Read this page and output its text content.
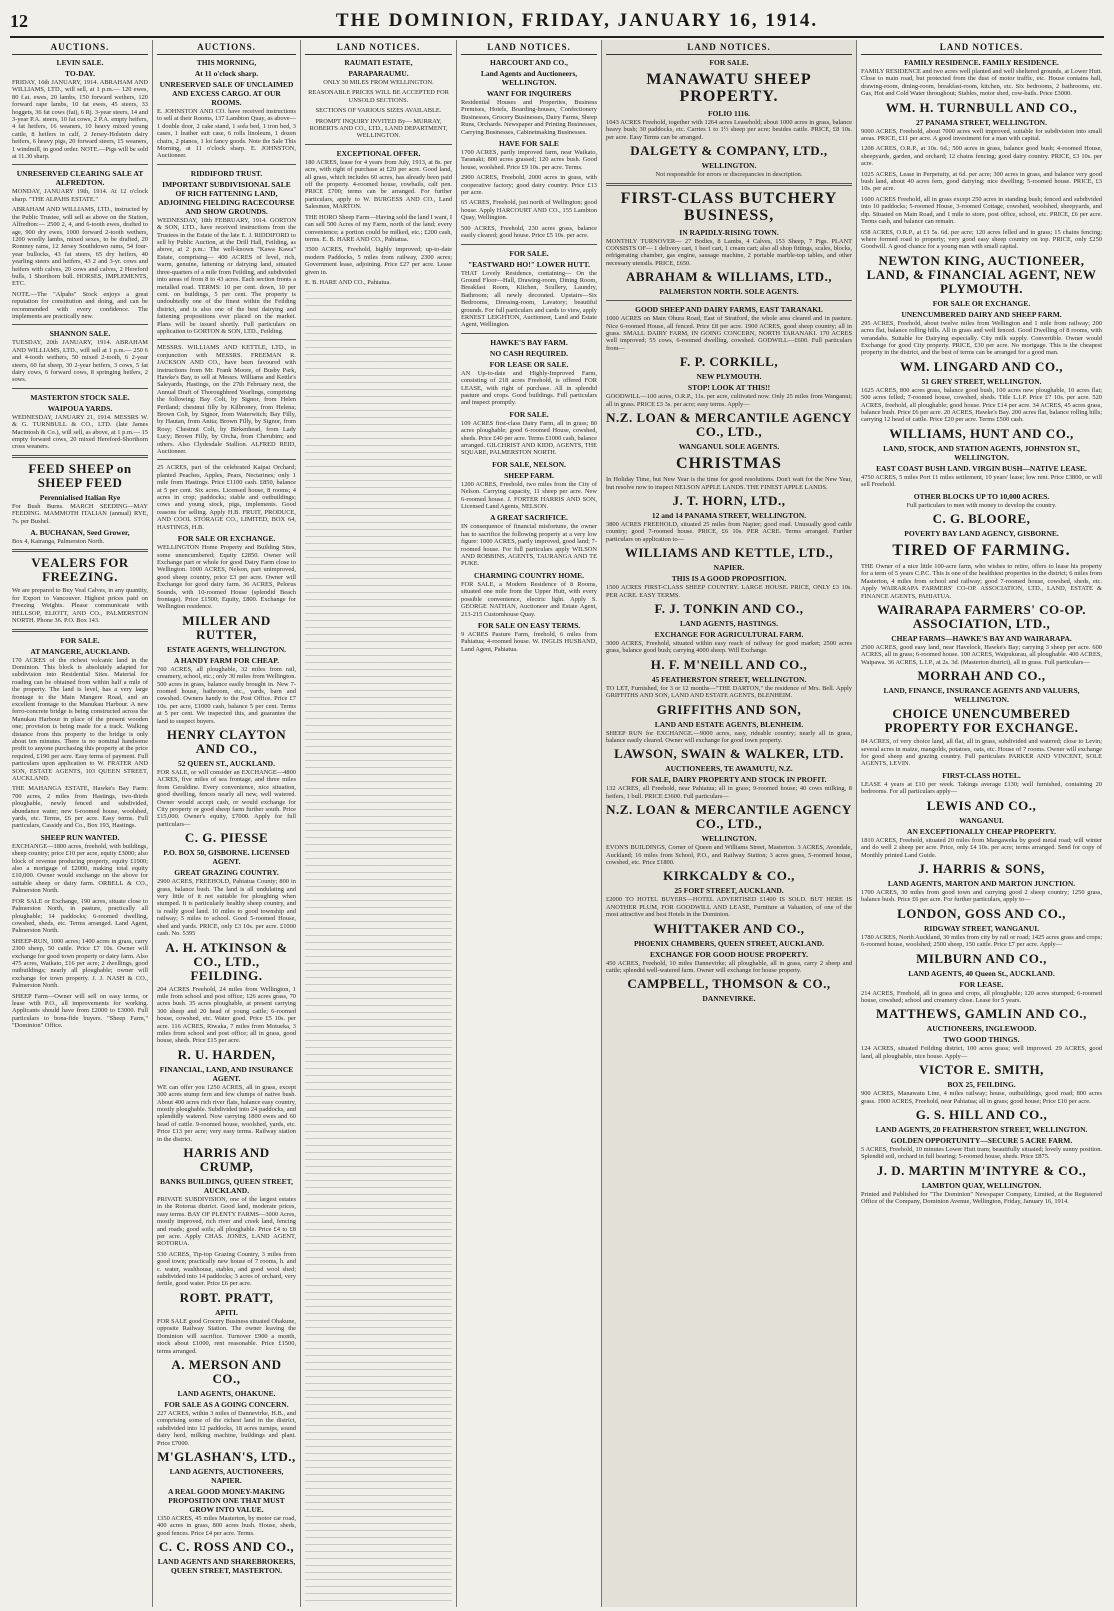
12	THE DOMINION, FRIDAY, JANUARY 16, 1914.
AUCTIONS.
LEVIN SALE.
TO-DAY.
FRIDAY, 16th JANUARY, 1914. ABRAHAM AND WILLIAMS, LTD., will sell, at 1 p.m.— 120 ewes, 80 f.at. ewes, 20 lambs, 150 forward wethers, 120 forward rape lambs, 10 fat ewes, 45 steers, 33 hoggets, 36 fat cows (fat), 6 Rj. 3-year steers, 14 and 3-year P.A. steers, 10 fat cows, 2 P.A. empty heifers, 4 fat heifers, 16 weaners, 10 heavy mixed young cattle, 8 heifers in calf, 2 Jersey-Holstein dairy heifers, 6 heavy pigs, 20 forward steers, 15 weaners, 1 windmill, in good order. NOTE.—Pigs will be sold at 11.30 sharp.
UNRESERVED CLEARING SALE AT ALFREDTON.
MONDAY, JANUARY 19th, 1914. At 12 o'clock sharp. "THE ALPAHS ESTATE."
ABRAHAM AND WILLIAMS, LTD., instructed by the Public Trustee, will sell as above on the Station, Alfredton:— 2500 2, 4, and 6-tooth ewes, drafted to age, 900 dry ewes, 1000 forward 2-tooth wethers, 1200 woolly lambs, mixed sexes, to be drafted, 20 Romney rams, 12 Jersey Southdown rams, 54 four-year bullocks, 43 fat steers, 65 dry heifers, 40 yearling steers and heifers, 43 2 and 3-yr. cows and heifers with calves, 20 cows and calves, 2 Hereford bulls, 1 Shorthorn bull. HORSES, IMPLEMENTS, ETC.
NOTE.—The "Alpahs" Stock enjoys a great reputation for constitution and doing, and can be recommended with every confidence. The implements are practically new.
SHANNON SALE.
TUESDAY, 20th JANUARY, 1914. ABRAHAM AND WILLIAMS, LTD., will sell at 1 p.m.— 250 6 and 4-tooth wethers, 50 mixed 2-tooth, 6 2-year steers, 60 fat sheep, 30 2-year heifers, 3 cows, 5 fat dairy cows, 6 forward cows, 8 springing heifers, 2 sows.
MASTERTON STOCK SALE.
WAIPOUA YARDS.
WEDNESDAY, JANUARY 21, 1914. MESSRS W. & G. TURNBULL & CO., LTD. (late James Macintosh & Co.), will sell, as above, at 1 p.m.— 15 empty forward cows, 20 mixed Hereford-Shorthorn cross weaners.
FEED SHEEP on SHEEP FEED
Perennialised Italian Rye
For Bush Burns. MARCH SEEDING—MAY FEEDING. MAMMOTH ITALIAN (annual) RYE, 7s. per Bushel.
A. BUCHANAN, Seed Grower,
Box 4, Kairanga, Palmerston North.
VEALERS FOR FREEZING.
We are prepared to Buy Veal Calves, in any quantity, for Export to Vancouver. Highest prices paid on Freezing Weights. Please communicate with HELLSOP, ELIOTT, AND CO., PALMERSTON NORTH. Phone 36. P.O. Box 143.
FOR SALE.
AT MANGERE, AUCKLAND.
170 ACRES of the richest volcanic land in the Dominion. This block is absolutely adapted for subdivision into Residential Sites. Material for roading can be obtained from within half a mile of the property. The land is level, has a very large frontage to the Main Mangere Road, and an excellent frontage to the Manukau Harbour. A new ferro-concrete bridge is being constructed across the Manukau Harbour in place of the present wooden one; provision is being made for a track. Walking distance from this property to the bridge is only about ten minutes. There is no nominal handsome profit to anyone purchasing this property at the price required, £190 per acre. Easy terms of payment. Full particulars upon application to W. FRATER AND SON, ESTATE AGENTS, 103 QUEEN STREET, AUCKLAND.
THE MAHANGA ESTATE, Hawke's Bay Farm: 700 acres, 2 miles from Hastings, two-thirds ploughable, newly fenced and subdivided, abundance water; new 6-roomed house, woolshed, yards, etc. Terms, £6 per acre. Easy terms. Full particulars, Cassidy and Co., Box 193, Hastings.
SHEEP RUN WANTED.
EXCHANGE—1800 acres, freehold, with buildings, sheep country; price £10 per acre, equity £3000; also block of revenue producing property, equity £1900; also a mortgage of £2000, making total equity £10,000. Owner would exchange on the above for suitable sheep or dairy farm. ORBELL & CO., Palmerston North.
FOR SALE or Exchange, 190 acres, situate close to Palmerston North, in pasture, practically all ploughable; 14 paddocks; 6-roomed dwelling, cowshed, sheds, etc. Terms arranged. Land Agent, Palmerston North.
SHEEP-RUN, 1000 acres; 1400 acres in grass, carry 2300 sheep, 50 cattle. Price £7 10s. Owner will exchange for good town property or dairy farm. Also 475 acres, Waikato, £16 per acre; 2 dwellings, good outbuildings; nearly all ploughable; owner will exchange for town property. J. J. NASH & CO., Palmerston North.
SHEEP Farm—Owner will sell on easy terms, or lease with P.O., all improvements for working. Applicants should have from £2000 to £3000. Full particulars to bona-fide buyers. "Sheep Farm," "Dominion" Office.
AUCTIONS.
THIS MORNING,
At 11 o'clock sharp.
UNRESERVED SALE OF UNCLAIMED AND EXCESS CARGO. AT OUR ROOMS.
E. JOHNSTON AND CO. have received instructions to sell at their Rooms, 137 Lambton Quay, as above— 1 double door, 2 cake stand, 1 sofa bed, 1 iron bed, 3 cases, 1 leather suit case, 6 rolls linoleum, 1 dozen chairs, 2 pianos, 1 lot fancy goods. Note the Sale This Morning, at 11 o'clock sharp. E. JOHNSTON, Auctioneer.
RIDDIFORD TRUST.
IMPORTANT SUBDIVISIONAL SALE OF RICH FATTENING LAND, ADJOINING FIELDING RACECOURSE AND SHOW GROUNDS.
WEDNESDAY, 18th FEBRUARY, 1914. GORTON & SON, LTD., have received instructions from the Trustees in the Estate of the late E. J. RIDDIFORD to sell by Public Auction, at the Drill Hall, Feilding, as above, at 2 p.m.: The well-known "Kawa Kawa" Estate, comprising— 400 ACRES of level, rich, warm, genuine, fattening or dairying land, situated three-quarters of a mile from Feilding, and subdivided into areas of from 8 to 43 acres. Each section fronts a metalled road. TERMS: 10 per cent. down, 10 per cent. on buildings, 5 per cent. The property is undoubtedly one of the finest within the Feilding district, and is also one of the best dairying and fattening propositions ever placed on the market. Plans will be issued shortly. Full particulars on application to GORTON & SON, LTD., Feilding.
MESSRS. WILLIAMS AND KETTLE, LTD., in conjunction with MESSRS. FREEMAN R. JACKSON AND CO., have been favoured with instructions from Mr. Frank Moore, of Busby Park, Hawke's Bay, to sell at Messrs. Williams and Kettle's Saleyards, Hastings, on the 27th February next, the Annual Draft of Thoroughbred Yearlings, comprising the following: Bay Colt, by Signor, from Helen Pertland; chestnut filly by Kilbroney, from Helena; Brown Colt, by Signor, from Waterwitch; Bay Filly, by Hautan, from Anita; Brown Filly, by Signor, from Rosy; Chestnut Colt, by Birkenhead, from Lady Lucy; Brown Filly, by Orcha, from Cherubim; and others. Also Clydesdale Stallion. ALFRED REID, Auctioneer.
25 ACRES, part of the celebrated Kaipai Orchard; planted Peaches, Apples, Pears, Nectarines; only 1 mile from Hastings. Price £1100 cash. £850, balance at 5 per cent. Six acres. Licensed house, 8 rooms; 4 acres in crop; paddocks; stable and outbuildings; cows and young stock, pigs, implements. Good reasons for selling. Apply H.B. FRUIT, PRODUCE, AND COOL STORAGE CO., LIMITED, BOX 64, HASTINGS, H.B.
FOR SALE OR EXCHANGE.
WELLINGTON Home Property and Building Sites, some unencumbered; Equity £2850. Owner will Exchange part or whole for good Dairy Farm close to Wellington. 1000 ACRES, Nelson, part unimproved, good sheep country, price £3 per acre. Owner will Exchange for good dairy farm. 36 ACRES, Pelorus Sounds, with 10-roomed House (splendid Beach frontage). Price £1500; Equity, £800. Exchange for Wellington residence.
MILLER AND RUTTER,
ESTATE AGENTS, WELLINGTON.
A HANDY FARM FOR CHEAP.
760 ACRES, all ploughable, 32 miles from rail, creamery, school, etc.; only 30 miles from Wellington. 500 acres in grass, balance easily brought in. New 7-roomed house, bathroom, etc., yards, barn and cowshed. Owners handy to the Post Office. Price £7 10s. per acre, £1000 cash, balance 5 per cent. Terms at 5 per cent. We inspected this, and guarantee the land to suspect buyers.
HENRY CLAYTON AND CO.,
52 QUEEN ST., AUCKLAND.
FOR SALE, or will consider an EXCHANGE—4800 ACRES, five miles of sea frontage, and three miles from Geraldine. Every convenience, nice situation, good dwelling, fences nearly all new, well watered. Owner would accept cash, or would exchange for City property or good sheep farm further south. Price £15,000. Owner's equity, £7000. Apply for full particulars—
C. G. PIESSE
P.O. BOX 50, GISBORNE. LICENSED AGENT.
GREAT GRAZING COUNTRY.
2900 ACRES, FREEHOLD, Pahiatua County; 800 in grass, balance bush. The land is all undulating and very little of it not suitable for ploughing when stumped. It is particularly healthy sheep country, and is really good land. 10 miles to good township and railway; 5 miles to school. Good 5-roomed House, shed and yards. PRICE, only £3 10s. per acre. £1000 cash. No. 5395
A. H. ATKINSON & CO., LTD., FEILDING.
204 ACRES Freehold, 24 miles from Wellington, 1 mile from school and post office; 126 acres grass, 70 acres bush. 35 acres ploughable, at present carrying 300 sheep and 20 head of young cattle; 6-roomed house, cowshed, etc. Water good. Price £5 10s. per acre. 116 ACRES, Riwaka, 7 miles from Motueka, 3 miles from school and post office; all in grass, good house, sheds. Price £15 per acre.
R. U. HARDEN,
FINANCIAL, LAND, AND INSURANCE AGENT.
WE can offer you 1250 ACRES, all in grass, except 300 acres stump fern and few clumps of native bush. About 400 acres rich river flats, balance easy country, mostly ploughable. Subdivided into 24 paddocks, and splendidly watered. Now carrying 1800 ewes and 60 head of cattle. 9-roomed house, woolshed, yards, etc. Price £13 per acre; very easy terms. Railway station in the district.
HARRIS AND CRUMP,
BANKS BUILDINGS, QUEEN STREET, AUCKLAND.
PRIVATE SUBDIVISION, one of the largest estates in the Rotorua district. Good land, moderate prices, easy terms. BAY OF PLENTY FARMS—3000 Acres, mostly improved, rich river and creek land, fencing and roads; good soils; all ploughable. Price £4 to £8 per acre. Apply CHAS. JONES, LAND AGENT, ROTORUA.
530 ACRES, Tip-top Grazing Country, 3 miles from good town; practically new house of 7 rooms, h. and c. water, washhouse, stables, and good wool shed; subdivided into 14 paddocks; 3 acres of orchard, very fertile, good water. Price £6 per acre.
ROBT. PRATT,
APITI.
FOR SALE good Grocery Business situated Ohakune, opposite Railway Station. The owner leaving the Dominion will sacrifice. Turnover £900 a month, stock about £1000, rent reasonable. Price £1500, terms arranged.
A. MERSON AND CO.,
LAND AGENTS, OHAKUNE.
FOR SALE AS A GOING CONCERN.
227 ACRES, within 3 miles of Dannevirke, H.B., and comprising some of the richest land in the district, subdivided into 12 paddocks, 18 acres turnips, sound dairy herd, milking machine, buildings and plant. Price £7000.
M'GLASHAN'S, LTD.,
LAND AGENTS, AUCTIONEERS, NAPIER.
A REAL GOOD MONEY-MAKING PROPOSITION ONE THAT MUST GROW INTO VALUE.
1350 ACRES, 45 miles Masterton, by motor car road, 400 acres in grass, 800 acres bush. House, sheds, good fences. Price £4 per acre. Terms.
C. C. ROSS AND CO.,
LAND AGENTS AND SHAREBROKERS, QUEEN STREET, MASTERTON.
LAND NOTICES.
RAUMATI ESTATE,
PARAPARAUMU.
ONLY 30 MILES FROM WELLINGTON.
REASONABLE PRICES WILL BE ACCEPTED FOR UNSOLD SECTIONS.
SECTIONS OF VARIOUS SIZES AVAILABLE.
PROMPT INQUIRY INVITED By— MURRAY, ROBERTS AND CO., LTD., LAND DEPARTMENT, WELLINGTON.
EXCEPTIONAL OFFER.
180 ACRES, lease for 4 years from July, 1913, at 8s. per acre, with right of purchase at £20 per acre. Good land, all grass, which includes 60 acres, has already been paid off the property. 4-roomed house, cowbails, calf pen. PRICE £700; terms can be arranged. For further particulars, apply to W. BURGESS AND CO., Land Salesmen, MARTON.
THE HORO Sheep Farm—Having sold the land I want, I can sell 500 Acres of my Farm, north of the land; every convenience; a portion could be milked, etc.; £200 cash, terms. E. B. HARE AND CO., Pahiatua.
3500 ACRES, Freehold, highly improved; up-to-date modern Paddocks, 5 miles from railway, 2300 acres; Government lease, adjoining. Price £27 per acre. Lease given in.
E. B. HARE AND CO., Pahiatua.
LAND NOTICES.
HARCOURT AND CO.,
Land Agents and Auctioneers, WELLINGTON.
WANT FOR INQUIRERS
Residential Houses and Properties, Business Premises, Hotels, Boarding-houses, Confectionery Businesses, Grocery Businesses, Dairy Farms, Sheep Runs, Orchards. Newspaper and Printing Businesses, Carrying Businesses, Cabinetmaking Businesses.
HAVE FOR SALE
1700 ACRES, partly improved farm, near Waikato, Taranaki; 800 acres grassed; 120 acres bush. Good house, woolshed. Price £9 10s. per acre. Terms.
2900 ACRES, Freehold, 2000 acres in grass, with cooperative factory; good dairy country. Price £13 per acre.
65 ACRES, Freehold, just north of Wellington; good house. Apply HARCOURT AND CO., 155 Lambton Quay, Wellington.
500 ACRES, Freehold, 230 acres grass, balance easily cleared; good house. Price £5 10s. per acre.
FOR SALE.
"EASTWARD HO!" LOWER HUTT.
THAT Lovely Residence, containing— On the Ground Floor—Hall, Drawing-room, Dining Room, Breakfast Room, Kitchen, Scullery, Laundry, Bathroom; all newly decorated. Upstairs—Six Bedrooms, Dressing-room, Lavatory; beautiful grounds. For full particulars and cards to view, apply ERNEST LEIGHTON, Auctioneer, Land and Estate Agent, Wellington.
HAWKE'S BAY FARM.
NO CASH REQUIRED.
FOR LEASE OR SALE.
AN Up-to-date and Highly-Improved Farm, consisting of 218 acres Freehold, is offered FOR LEASE, with right of purchase. All in splendid pasture and crops. Good buildings. Full particulars and inspect promptly.
FOR SALE.
109 ACRES first-class Dairy Farm, all in grass; 80 acres ploughable; good 6-roomed House, cowshed, sheds. Price £40 per acre. Terms £1000 cash, balance arranged. GILCHRIST AND KIDD, AGENTS, THE SQUARE, PALMERSTON NORTH.
FOR SALE, NELSON.
SHEEP FARM.
1200 ACRES, Freehold, two miles from the City of Nelson. Carrying capacity, 11 sheep per acre. New 6-roomed house. J. FORTER HARRIS AND SON, Licensed Land Agents, NELSON.
A GREAT SACRIFICE.
IN consequence of financial misfortune, the owner has to sacrifice the following property at a very low figure: 1000 ACRES, partly improved, good land; 7-roomed house. For full particulars apply WILSON AND ROBBINS, AGENTS, TAURANGA AND TE PUKE.
CHARMING COUNTRY HOME.
FOR SALE, a Modern Residence of 8 Rooms, situated one mile from the Upper Hutt, with every possible convenience, electric light. Apply S. GEORGE NATHAN, Auctioneer and Estate Agent, 213-215 Customhouse Quay.
FOR SALE ON EASY TERMS.
9 ACRES Pasture Farm, freehold, 6 miles from Pahiatua; 4-roomed house. W. INGLIS HUSBAND, Land Agent, Pahiatua.
LAND NOTICES.
FOR SALE.
MANAWATU SHEEP PROPERTY.
FOLIO 1116.
1043 ACRES Freehold, together with 1264 acres Leasehold; about 1000 acres in grass, balance heavy bush; 30 paddocks, etc. Carries 1 to 1½ sheep per acre; besides cattle. PRICE, £8 10s. per acre. Easy Terms can be arranged.
DALGETY & COMPANY, LTD.,
WELLINGTON.
Not responsible for errors or discrepancies in description.
FIRST-CLASS BUTCHERY BUSINESS,
IN RAPIDLY-RISING TOWN.
MONTHLY TURNOVER— 27 Bodies, 8 Lambs, 4 Calves, 153 Sheep, 7 Pigs. PLANT CONSISTS OF— 1 delivery cart, 1 beef cart, 1 cream cart; also all shop fittings, scales, blocks, refrigerating chamber, gas engine, sausage machine, 2 portable marble-top tables, and other necessary utensils. PRICE, £650.
ABRAHAM & WILLIAMS, LTD.,
PALMERSTON NORTH. SOLE AGENTS.
GOOD SHEEP AND DAIRY FARMS, EAST TARANAKI.
1000 ACRES on Main Ohura Road, East of Stratford, the whole area cleared and in pasture. Nice 6-roomed House, all fenced. Price £8 per acre. 1900 ACRES, good sheep country; all in grass. SMALL DAIRY FARM, IN GOING CONCERN, NORTH TARANAKI. 170 ACRES well improved; 55 cows, 6-roomed dwelling, cowshed. GODWILL—£600. Full particulars from—
F. P. CORKILL,
NEW PLYMOUTH.
STOP! LOOK AT THIS!!
GOODWILL—100 acres, O.R.P., 11s. per acre, cultivated now. Only 25 miles from Wanganui; all in grass. PRICE £3 3s. per acre; easy terms. Apply—
N.Z. LOAN & MERCANTILE AGENCY CO., LTD.,
WANGANUI. SOLE AGENTS.
CHRISTMAS
In Holiday Time, but New Year is the time for good resolutions. Don't wait for the New Year, but resolve now to inspect NELSON APPLE LANDS. THE FINEST APPLE LANDS.
J. T. HORN, LTD.,
12 and 14 PANAMA STREET, WELLINGTON.
3800 ACRES FREEHOLD, situated 25 miles from Napier; good road. Unusually good cattle country; good 7-roomed house. PRICE, £6 10s. PER ACRE. Terms arranged. Further particulars on application to—
WILLIAMS AND KETTLE, LTD.,
NAPIER.
THIS IS A GOOD PROPOSITION.
1500 ACRES FIRST-CLASS SHEEP COUNTRY. LARGE HOUSE. PRICE, ONLY £3 10s. PER ACRE. EASY TERMS.
F. J. TONKIN AND CO.,
LAND AGENTS, HASTINGS.
EXCHANGE FOR AGRICULTURAL FARM.
3000 ACRES, Freehold, situated within easy reach of railway for good market; 2500 acres grass, balance good bush; carrying 4000 sheep. Will Exchange.
H. F. M'NEILL AND CO.,
45 FEATHERSTON STREET, WELLINGTON.
TO LET, Furnished, for 3 or 12 months—"THE DARTON," the residence of Mrs. Bell. Apply GRIFFITHS AND SON, LAND AND ESTATE AGENTS, BLENHEIM.
GRIFFITHS AND SON,
LAND AND ESTATE AGENTS, BLENHEIM.
SHEEP RUN for EXCHANGE.—9000 acres, easy, rideable country; nearly all in grass, balance easily cleared. Owner will exchange for good town property.
LAWSON, SWAIN & WALKER, LTD.
AUCTIONEERS, TE AWAMUTU, N.Z.
FOR SALE, DAIRY PROPERTY AND STOCK IN PROFIT.
132 ACRES, all Freehold, near Pahiatua; all in grass; 9-roomed house; 40 cows milking, 8 heifers, 1 bull. PRICE £3600. Full particulars—
N.Z. LOAN & MERCANTILE AGENCY CO., LTD.,
WELLINGTON.
EVON'S BUILDINGS, Corner of Queen and Williams Street, Masterton. 3 ACRES, Avondale, Auckland; 16 miles from School, P.O., and Railway Station; 3 acres grass, 5-roomed house, cowshed, etc. Price £1800.
KIRKCALDY & CO.,
25 FORT STREET, AUCKLAND.
£2000 TO HOTEL BUYERS—HOTEL ADVERTISED £1400 IS SOLD. BUT HERE IS ANOTHER PLUM, FOR GOODWILL AND LEASE, Furniture at Valuation, of one of the most attractive and best Hotels in the Dominion.
WHITTAKER AND CO.,
PHOENIX CHAMBERS, QUEEN STREET, AUCKLAND.
EXCHANGE FOR GOOD HOUSE PROPERTY.
450 ACRES, Freehold, 10 miles Dannevirke; all ploughable, all in grass, carry 2 sheep and cattle; splendid well-watered farm. Owner will exchange for house property.
CAMPBELL, THOMSON & CO.,
DANNEVIRKE.
LAND NOTICES.
FAMILY RESIDENCE. FAMILY RESIDENCE.
FAMILY RESIDENCE and two acres well planted and well sheltered grounds, at Lower Hutt. Close to main road, but protected from the dust of motor traffic, etc. House contains hall, drawing-room, dining-room, breakfast-room, kitchen, etc. Six bedrooms, 2 bathrooms, etc. Gas, Hot and Cold Water throughout; Stables, motor shed, cow-bails. Price £3000.
WM. H. TURNBULL AND CO.,
27 PANAMA STREET, WELLINGTON.
9000 ACRES, Freehold, about 7000 acres well improved, suitable for subdivision into small areas. PRICE, £11 per acre. A good investment for a man with capital.
1208 ACRES, O.R.P., at 10s. 6d.; 500 acres in grass, balance good bush; 4-roomed House, sheepyards, garden, and orchard; 12 chains fencing; good dairy country. PRICE, £3 10s. per acre.
1025 ACRES, Lease in Perpetuity, at 6d. per acre; 300 acres in grass, and balance very good bush land, about 40 acres fern, good dairying; nice dwelling; 5-roomed house. PRICE, £3 10s. per acre.
1600 ACRES Freehold, all in grass except 250 acres in standing bush; fenced and subdivided into 10 paddocks; 5-roomed House, 3-roomed Cottage, cowshed, woolshed, sheepyards, and dip. Situated on Main Road, and 1 mile to store, post office, school, etc. PRICE, £6 per acre. Terms cash, and balance can remain.
658 ACRES, O.R.P., at £1 5s. 6d. per acre; 120 acres felled and in grass; 15 chains fencing; where formed road to property; very good easy sheep country on top. PRICE, only £250 Goodwill. A good chance for a young man with small capital.
NEWTON KING, AUCTIONEER, LAND, & FINANCIAL AGENT, NEW PLYMOUTH.
FOR SALE OR EXCHANGE.
UNENCUMBERED DAIRY AND SHEEP FARM.
295 ACRES, Freehold, about twelve miles from Wellington and 1 mile from railway; 200 acres flat, balance rolling hills. All in grass and well fenced. Good Dwelling of 8 rooms, with verandahs. Suitable for Dairying especially. City milk supply. Convertible. Owner would Exchange for good City property. PRICE, £30 per acre. No mortgage. This is the cheapest property in the district, and the best of terms can be arranged for a good man.
WM. LINGARD AND CO.,
51 GREY STREET, WELLINGTON.
1625 ACRES, 800 acres grass, balance good bush, 100 acres new ploughable, 10 acres flat; 500 acres felled; 7-roomed house, cowshed, sheds. Title L.I.P. Price £7 10s. per acre. 520 ACRES, freehold, all ploughable; good house. Price £14 per acre. 34 ACRES, 45 acres grass, balance bush. Price £6 per acre. 20 ACRES, Hawke's Bay. 200 acres flat, balance rolling hills; carrying 12 head of cattle. Price £20 per acre. Terms £500 cash.
WILLIAMS, HUNT AND CO.,
LAND, STOCK, AND STATION AGENTS, JOHNSTON ST., WELLINGTON.
EAST COAST BUSH LAND. VIRGIN BUSH—NATIVE LEASE.
4750 ACRES, 5 miles Port 11 miles settlement, 10 years' lease; low rent. Price £3800, or will sell Freehold.
OTHER BLOCKS UP TO 10,000 ACRES.
Full particulars to men with money to develop the country.
C. G. BLOORE,
POVERTY BAY LAND AGENCY, GISBORNE.
TIRED OF FARMING.
THE Owner of a nice little 100-acre farm, who wishes to retire, offers to lease his property for a term of 5 years C.P.C. This is one of the healthiest properties in the district; 6 miles from Masterton, 4 miles from school and railway; good 7-roomed house, cowshed, sheds, etc. Apply WAIRARAPA FARMERS' CO-OP. ASSOCIATION, LTD., LAND, ESTATE & FINANCE AGENTS, PAHIATUA.
WAIRARAPA FARMERS' CO-OP. ASSOCIATION, LTD.,
CHEAP FARMS—HAWKE'S BAY AND WAIRARAPA.
2500 ACRES, good easy land, near Havelock, Hawke's Bay; carrying 3 sheep per acre. 600 ACRES, all in grass; 6-roomed house. 100 ACRES, Waipukurau, all ploughable. 400 ACRES, Waipawa. 36 ACRES, L.I.P., at 2s. 3d. (Masterton district), all in grass. Full particulars—
MORRAH AND CO.,
LAND, FINANCE, INSURANCE AGENTS AND VALUERS, WELLINGTON.
CHOICE UNENCUMBERED PROPERTY FOR EXCHANGE.
84 ACRES, of very choice land, all flat, all in grass, subdivided and watered; close to Levin; several acres in maize, mangolds, potatoes, oats, etc. House of 7 rooms. Owner will exchange for good sheep and grazing country. Full particulars PARKER AND VINCENT, SOLE AGENTS, LEVIN.
FIRST-CLASS HOTEL.
LEASE 4 years at £10 per week. Takings average £130; well furnished, containing 20 bedrooms. For all particulars apply—
LEWIS AND CO.,
WANGANUI.
AN EXCEPTIONALLY CHEAP PROPERTY.
1810 ACRES, Freehold, situated 20 miles from Mangaweka by good metal road; will winter and do well 2 sheep per acre. Price, only £4 10s. per acre; terms arranged. Send for copy of Monthly printed Land Guide.
J. HARRIS & SONS,
LAND AGENTS, MARTON AND MARTON JUNCTION.
1700 ACRES, 30 miles from good town and carrying good 2 sheep country; 1250 grass, balance bush. Price £6 per acre. For further particulars, apply to—
LONDON, GOSS AND CO.,
RIDGWAY STREET, WANGANUI.
1780 ACRES, North Auckland, 30 miles from city by rail or road; 1425 acres grass and crops; 6-roomed house, woolshed; 2500 sheep, 150 cattle. Price £7 per acre. Apply—
MILBURN AND CO.,
LAND AGENTS, 40 Queen St., AUCKLAND.
FOR LEASE.
214 ACRES, Freehold, all in grass and crops, all ploughable; 120 acres stumped; 6-roomed house, cowshed; school and creamery close. Lease for 5 years.
MATTHEWS, GAMLIN AND CO.,
AUCTIONEERS, INGLEWOOD.
TWO GOOD THINGS.
124 ACRES, situated Feilding district, 100 acres grass; well improved. 29 ACRES, good land, all ploughable, nice house. Apply—
VICTOR E. SMITH,
BOX 25, FEILDING.
900 ACRES, Manawatu Line, 4 miles railway; house, outbuildings, good road; 800 acres grass. 1900 ACRES, Freehold, near Pahiatua; all in grass; good house; Price £10 per acre.
G. S. HILL AND CO.,
LAND AGENTS, 20 FEATHERSTON STREET, WELLINGTON.
GOLDEN OPPORTUNITY—SECURE 5 ACRE FARM.
5 ACRES, Freehold, 10 minutes Lower Hutt tram; beautifully situated; lovely sunny position. Splendid soil, orchard in full bearing; 5-roomed house, sheds. Price £875.
J. D. MARTIN M'INTYRE & CO.,
LAMBTON QUAY, WELLINGTON.
Printed and Published for "The Dominion" Newspaper Company, Limited, at the Registered Office of the Company, Dominion Avenue, Wellington, Friday, January 16, 1914.
